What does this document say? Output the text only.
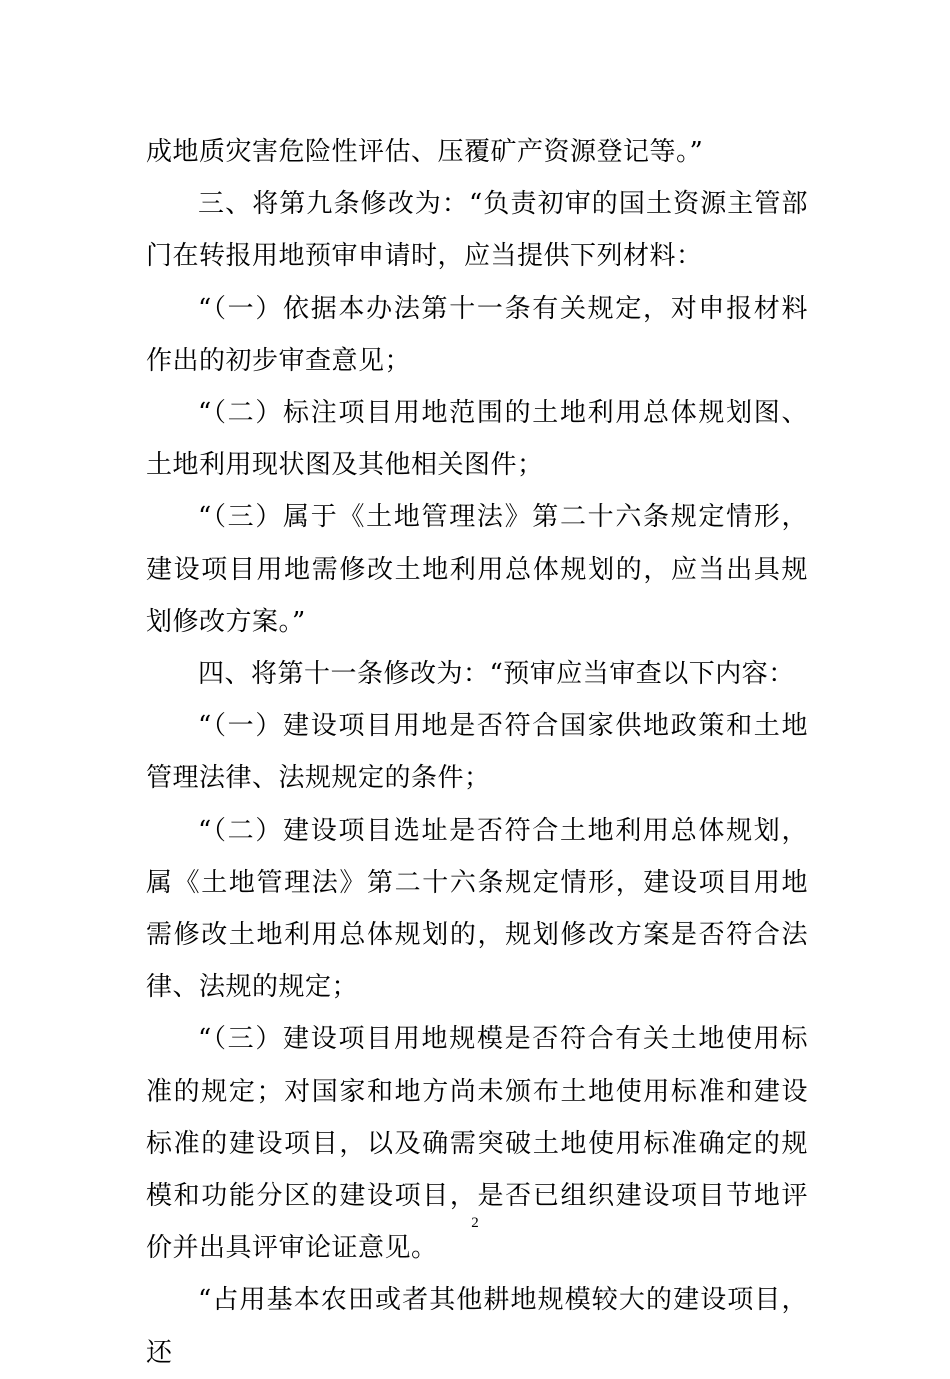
成地质灾害危险性评估、压覆矿产资源登记等。”

三、将第九条修改为：“负责初审的国土资源主管部门在转报用地预审申请时，应当提供下列材料：

“（一）依据本办法第十一条有关规定，对申报材料作出的初步审查意见；

“（二）标注项目用地范围的土地利用总体规划图、土地利用现状图及其他相关图件；

“（三）属于《土地管理法》第二十六条规定情形，建设项目用地需修改土地利用总体规划的，应当出具规划修改方案。”

四、将第十一条修改为：“预审应当审查以下内容：

“（一）建设项目用地是否符合国家供地政策和土地管理法律、法规规定的条件；

“（二）建设项目选址是否符合土地利用总体规划，属《土地管理法》第二十六条规定情形，建设项目用地需修改土地利用总体规划的，规划修改方案是否符合法律、法规的规定；

“（三）建设项目用地规模是否符合有关土地使用标准的规定；对国家和地方尚未颁布土地使用标准和建设标准的建设项目，以及确需突破土地使用标准确定的规模和功能分区的建设项目，是否已组织建设项目节地评价并出具评审论证意见。

“占用基本农田或者其他耕地规模较大的建设项目，还

2
